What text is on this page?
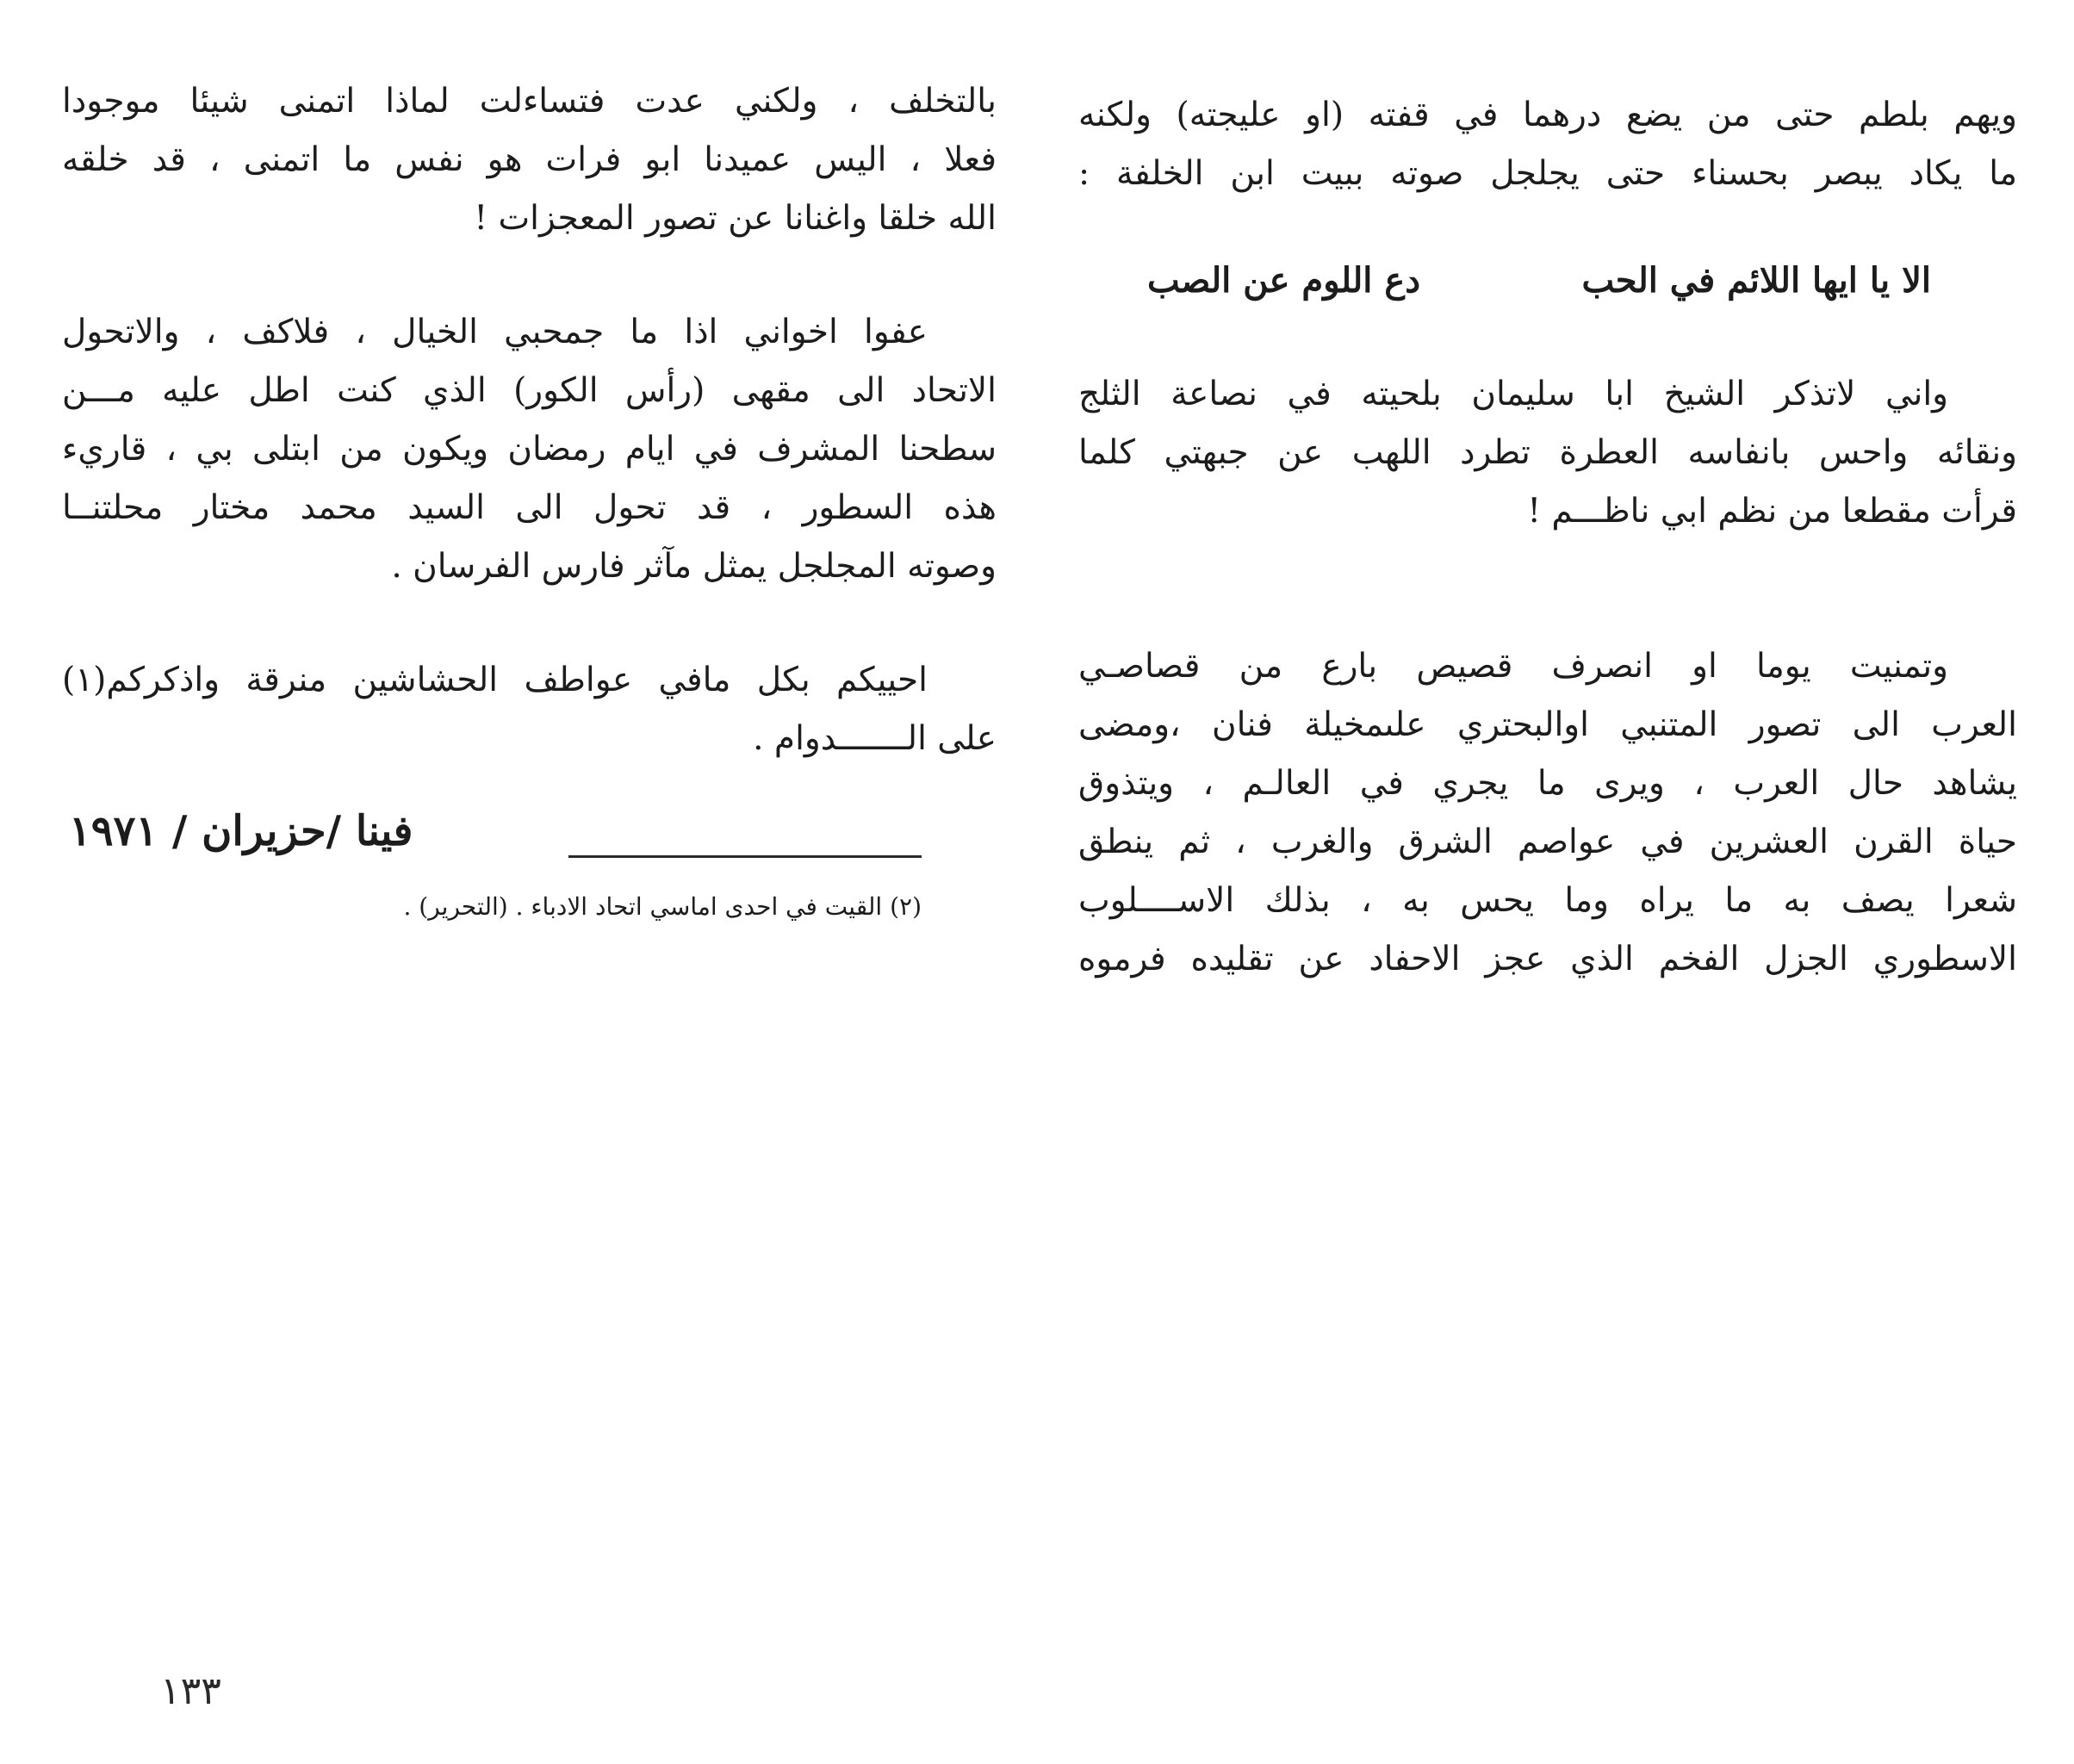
ويهم بلطم حتى من يضع درهما في قفته (او عليجته) ولكنه
ما يكاد يبصر بحسناء حتى يجلجل صوته ببيت ابن الخلفة :
الا يا ايها اللائم في الحب
دع اللوم عن الصب
واني لاتذكر الشيخ ابا سليمان بلحيته في نصاعة الثلج
ونقائه واحس بانفاسه العطرة تطرد اللهب عن جبهتي كلما
قرأت مقطعا من نظم ابي ناظـــم !
وتمنيت يوما او انصرف قصيص بارع من قصاصـي
العرب الى تصور المتنبي اوالبحتري علىمخيلة فنان ،ومضى
يشاهد حال العرب ، ويرى ما يجري في العالـم ، ويتذوق
حياة القرن العشرين في عواصم الشرق والغرب ، ثم ينطق
شعرا يصف به ما يراه وما يحس به ، بذلك الاســــلوب
الاسطوري الجزل الفخم الذي عجز الاحفاد عن تقليده فرموه
بالتخلف ، ولكني عدت فتساءلت لماذا اتمنى شيئا موجودا
فعلا ، اليس عميدنا ابو فرات هو نفس ما اتمنى ، قد خلقه
الله خلقا واغنانا عن تصور المعجزات !
عفوا اخواني اذا ما جمحبي الخيال ، فلاكف ، والاتحول
الاتحاد الى مقهى (رأس الكور) الذي كنت اطل عليه مـــن
سطحنا المشرف في ايام رمضان ويكون من ابتلى بي ، قاريء
هذه السطور ، قد تحول الى السيد محمد مختار محلتنــا
وصوته المجلجل يمثل مآثر فارس الفرسان .
احييكم بكل مافي عواطف الحشاشين منرقة واذكركم(١)
على الـــــــدوام .
فينا /حزيران / ١٩٧١
(٢) القيت في احدى اماسي اتحاد الادباء . (التحرير) .
١٣٣
